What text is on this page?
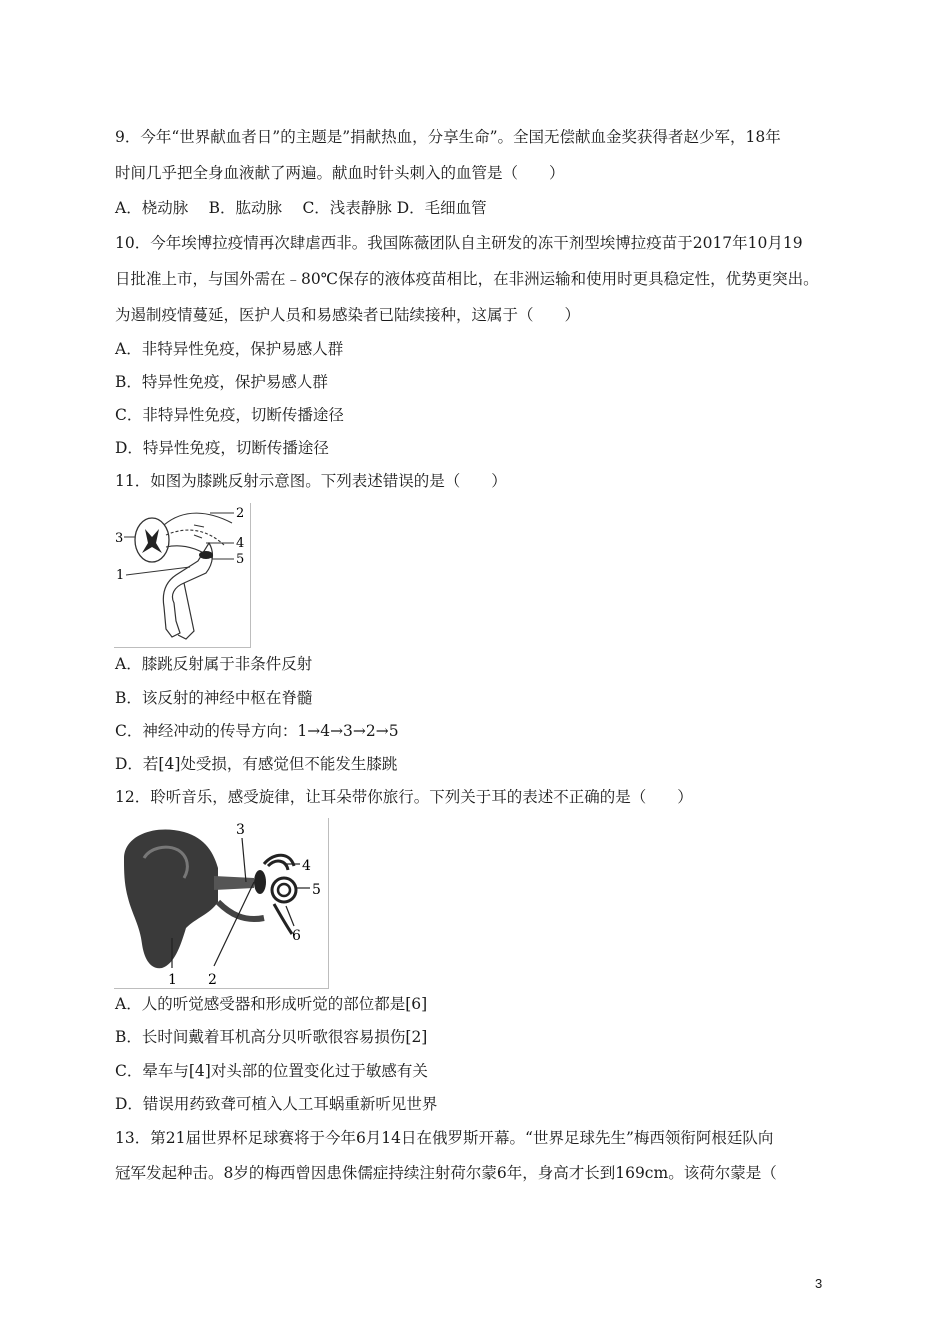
9．今年“世界献血者日”的主题是”捐献热血，分享生命”。全国无偿献血金奖获得者赵少军，18年
时间几乎把全身血液献了两遍。献血时针头刺入的血管是（　　）
A．桡动脉　 B．肱动脉　 C．浅表静脉 D．毛细血管
10．今年埃博拉疫情再次肆虐西非。我国陈薇团队自主研发的冻干剂型埃博拉疫苗于2017年10月19
日批准上市，与国外需在﹣80℃保存的液体疫苗相比，在非洲运输和使用时更具稳定性，优势更突出。
为遏制疫情蔓延，医护人员和易感染者已陆续接种，这属于（　　）
A．非特异性免疫，保护易感人群
B．特异性免疫，保护易感人群
C．非特异性免疫，切断传播途径
D．特异性免疫，切断传播途径
11．如图为膝跳反射示意图。下列表述错误的是（　　）
3
2
4
5
1
A．膝跳反射属于非条件反射
B．该反射的神经中枢在脊髓
C．神经冲动的传导方向：1→4→3→2→5
D．若[4]处受损，有感觉但不能发生膝跳
12．聆听音乐，感受旋律，让耳朵带你旅行。下列关于耳的表述不正确的是（　　）
3
4
5
6
1 2
A．人的听觉感受器和形成听觉的部位都是[6]
B．长时间戴着耳机高分贝听歌很容易损伤[2]
C．晕车与[4]对头部的位置变化过于敏感有关
D．错误用药致聋可植入人工耳蜗重新听见世界
13．第21届世界杯足球赛将于今年6月14日在俄罗斯开幕。“世界足球先生”梅西领衔阿根廷队向
冠军发起种击。8岁的梅西曾因患侏儒症持续注射荷尔蒙6年，身高才长到169cm。该荷尔蒙是（
3
